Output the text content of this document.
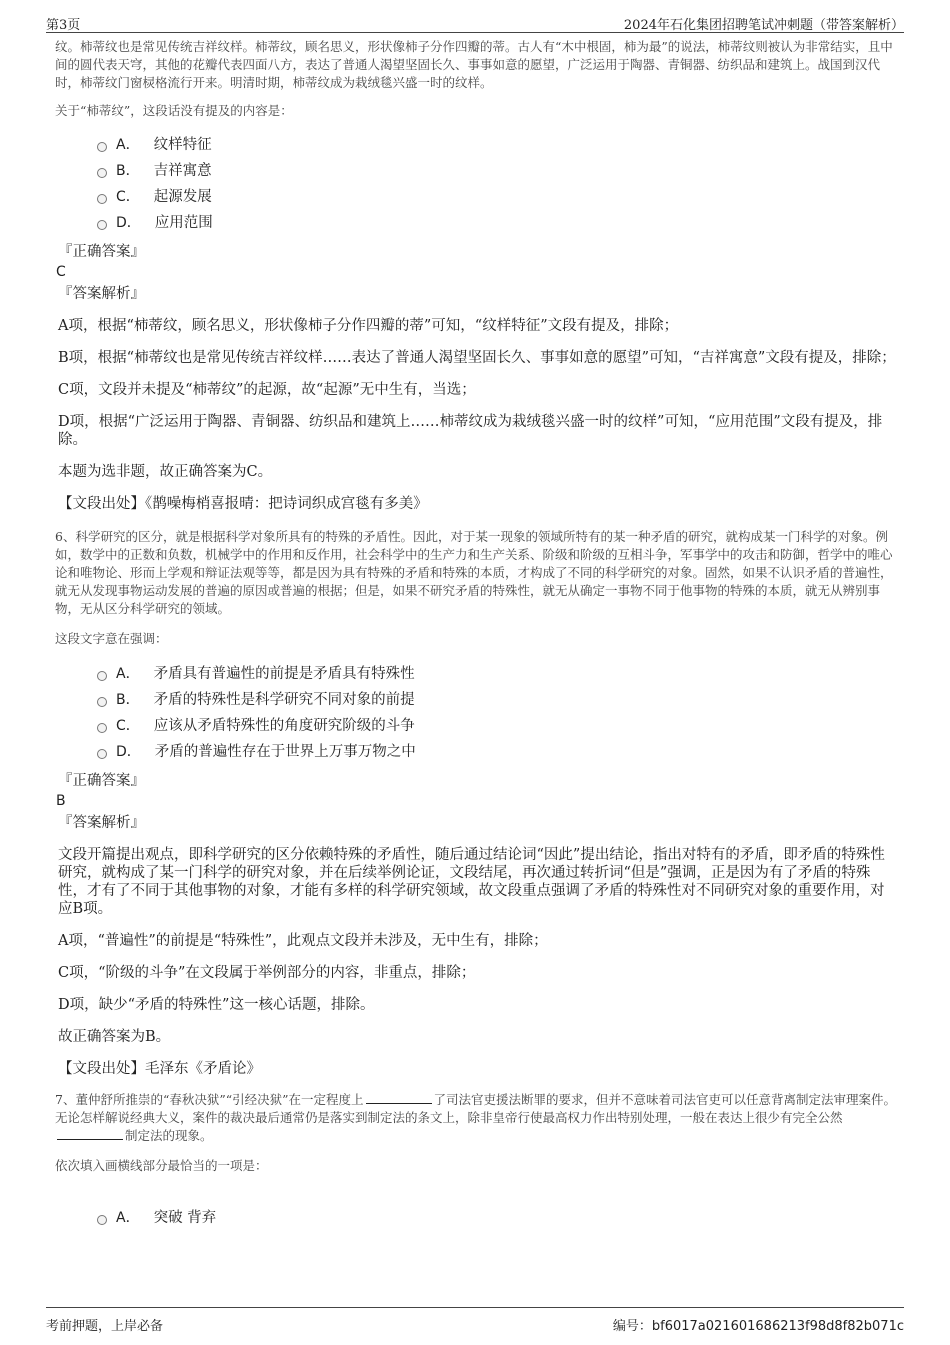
第3页	2024年石化集团招聘笔试冲刺题（带答案解析）

纹。柿蒂纹也是常见传统吉祥纹样。柿蒂纹，顾名思义，形状像柿子分作四瓣的蒂。古人有“木中根固，柿为最”的说法，柿蒂纹则被认为非常结实，且中间的圆代表天穹，其他的花瓣代表四面八方，表达了普通人渴望坚固长久、事事如意的愿望，广泛运用于陶器、青铜器、纺织品和建筑上。战国到汉代时，柿蒂纹门窗棂格流行开来。明清时期，柿蒂纹成为栽绒毯兴盛一时的纹样。

关于“柿蒂纹”，这段话没有提及的内容是：

A． 纹样特征
B． 吉祥寓意
C． 起源发展
D． 应用范围

『正确答案』

C

『答案解析』

A项，根据“柿蒂纹，顾名思义，形状像柿子分作四瓣的蒂”可知，“纹样特征”文段有提及，排除；

B项，根据“柿蒂纹也是常见传统吉祥纹样……表达了普通人渴望坚固长久、事事如意的愿望”可知，“吉祥寓意”文段有提及，排除；

C项，文段并未提及“柿蒂纹”的起源，故“起源”无中生有，当选；

D项，根据“广泛运用于陶器、青铜器、纺织品和建筑上……柿蒂纹成为栽绒毯兴盛一时的纹样”可知，“应用范围”文段有提及，排除。

本题为选非题，故正确答案为C。

【文段出处】《鹊噪梅梢喜报晴：把诗词织成宫毯有多美》

6、科学研究的区分，就是根据科学对象所具有的特殊的矛盾性。因此，对于某一现象的领域所特有的某一种矛盾的研究，就构成某一门科学的对象。例如，数学中的正数和负数，机械学中的作用和反作用，社会科学中的生产力和生产关系、阶级和阶级的互相斗争，军事学中的攻击和防御，哲学中的唯心论和唯物论、形而上学观和辩证法观等等，都是因为具有特殊的矛盾和特殊的本质，才构成了不同的科学研究的对象。固然，如果不认识矛盾的普遍性，就无从发现事物运动发展的普遍的原因或普遍的根据；但是，如果不研究矛盾的特殊性，就无从确定一事物不同于他事物的特殊的本质，就无从辨别事物，无从区分科学研究的领域。

这段文字意在强调：

A． 矛盾具有普遍性的前提是矛盾具有特殊性
B． 矛盾的特殊性是科学研究不同对象的前提
C． 应该从矛盾特殊性的角度研究阶级的斗争
D． 矛盾的普遍性存在于世界上万事万物之中

『正确答案』

B

『答案解析』

文段开篇提出观点，即科学研究的区分依赖特殊的矛盾性，随后通过结论词“因此”提出结论，指出对特有的矛盾，即矛盾的特殊性研究，就构成了某一门科学的研究对象，并在后续举例论证，文段结尾，再次通过转折词“但是”强调，正是因为有了矛盾的特殊性，才有了不同于其他事物的对象，才能有多样的科学研究领域，故文段重点强调了矛盾的特殊性对不同研究对象的重要作用，对应B项。

A项，“普遍性”的前提是“特殊性”，此观点文段并未涉及，无中生有，排除；

C项，“阶级的斗争”在文段属于举例部分的内容，非重点，排除；

D项，缺少“矛盾的特殊性”这一核心话题，排除。

故正确答案为B。

【文段出处】毛泽东《矛盾论》

7、董仲舒所推崇的“春秋决狱”“引经决狱”在一定程度上	了司法官吏援法断罪的要求，但并不意味着司法官吏可以任意背离制定法审理案件。无论怎样解说经典大义，案件的裁决最后通常仍是落实到制定法的条文上，除非皇帝行使最高权力作出特别处理，一般在表达上很少有完全公然制定法的现象。

依次填入画横线部分最恰当的一项是：

A． 突破 背弃
考前押题，上岸必备	编号：bf6017a021601686213f98d8f82b071c
